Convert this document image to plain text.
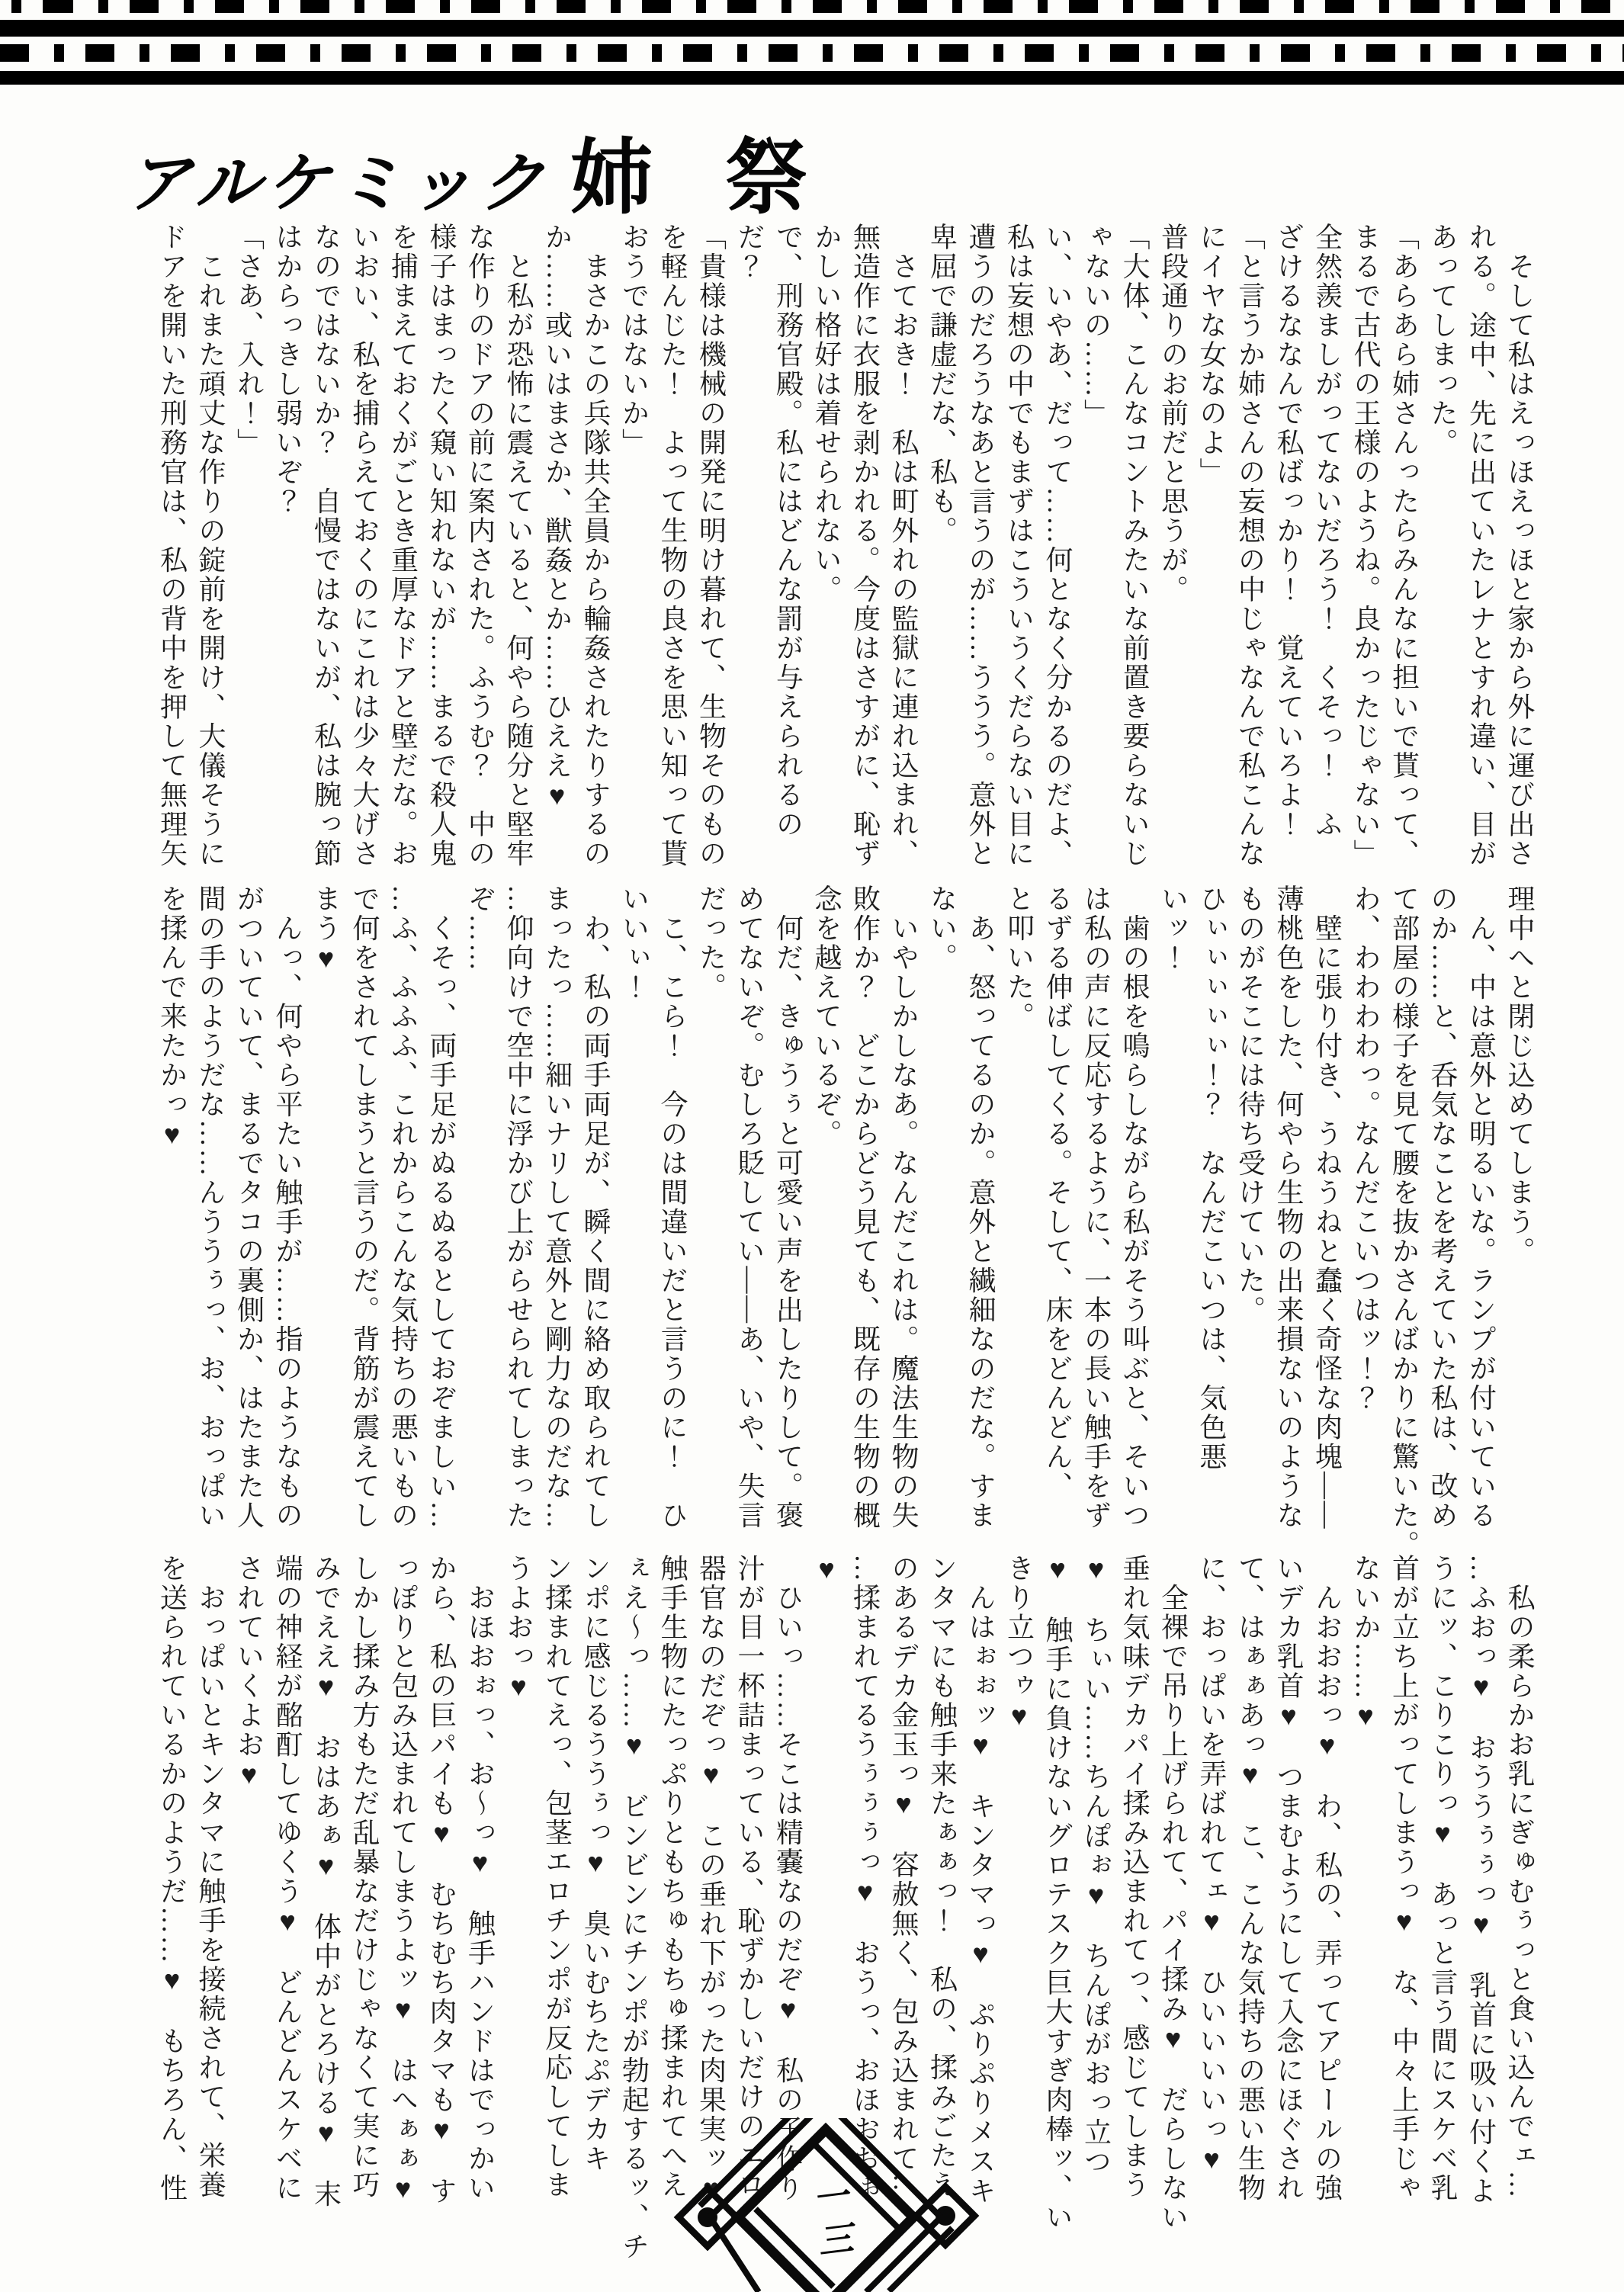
アルケミック 姉 祭
　そして私はえっほえっほと家から外に運び出さ
れる。途中、先に出ていたレナとすれ違い、目が
あってしまった。
「あらあら姉さんったらみんなに担いで貰って、
まるで古代の王様のようね。良かったじゃない」
全然羨ましがってないだろう！　くそっ！　ふ
ざけるななんで私ばっかり！　覚えていろよ！
「と言うか姉さんの妄想の中じゃなんで私こんな
にイヤな女なのよ」
普段通りのお前だと思うが。
「大体、こんなコントみたいな前置き要らないじ
ゃないの……」
い、いやあ、だって……何となく分かるのだよ、
私は妄想の中でもまずはこういうくだらない目に
遭うのだろうなあと言うのが……ううう。意外と
卑屈で謙虚だな、私も。
　さておき！　私は町外れの監獄に連れ込まれ、
無造作に衣服を剥かれる。今度はさすがに、恥ず
かしい格好は着せられない。
で、刑務官殿。私にはどんな罰が与えられるの
だ？
「貴様は機械の開発に明け暮れて、生物そのもの
を軽んじた！　よって生物の良さを思い知って貰
おうではないか」
　まさかこの兵隊共全員から輪姦されたりするの
か……或いはまさか、獣姦とか……ひええ♥
　と私が恐怖に震えていると、何やら随分と堅牢
な作りのドアの前に案内された。ふうむ？　中の
様子はまったく窺い知れないが……まるで殺人鬼
を捕まえておくがごとき重厚なドアと壁だな。お
いおい、私を捕らえておくのにこれは少々大げさ
なのではないか？　自慢ではないが、私は腕っ節
はからっきし弱いぞ？
「さあ、入れ！」
　これまた頑丈な作りの錠前を開け、大儀そうに
ドアを開いた刑務官は、私の背中を押して無理矢
理中へと閉じ込めてしまう。
　ん、中は意外と明るいな。ランプが付いている
のか……と、呑気なことを考えていた私は、改め
て部屋の様子を見て腰を抜かさんばかりに驚いた。
わ、わわわわっ。なんだこいつはッ！？
　壁に張り付き、うねうねと蠢く奇怪な肉塊――
薄桃色をした、何やら生物の出来損ないのような
ものがそこには待ち受けていた。
ひぃぃぃぃぃ！？　なんだこいつは、気色悪
いッ！
　歯の根を鳴らしながら私がそう叫ぶと、そいつ
は私の声に反応するように、一本の長い触手をず
るずる伸ばしてくる。そして、床をどんどん、
と叩いた。
　あ、怒ってるのか。意外と繊細なのだな。すま
ない。
　いやしかしなあ。なんだこれは。魔法生物の失
敗作か？　どこからどう見ても、既存の生物の概
念を越えているぞ。
　何だ、きゅうぅと可愛い声を出したりして。褒
めてないぞ。むしろ貶してい――あ、いや、失言
だった。
　こ、こら！　今のは間違いだと言うのに！　ひ
いいぃ！
　わ、私の両手両足が、瞬く間に絡め取られてし
まったっ……細いナリして意外と剛力なのだな…
…仰向けで空中に浮かび上がらせられてしまった
ぞ……
　くそっ、両手足がぬるぬるとしておぞましい…
…ふ、ふふふ、これからこんな気持ちの悪いもの
で何をされてしまうと言うのだ。背筋が震えてし
まう♥
　んっ、何やら平たい触手が……指のようなもの
がついていて、まるでタコの裏側か、はたまた人
間の手のようだな……んううぅっ、お、おっぱい
を揉んで来たかっ♥
　私の柔らかお乳にぎゅむぅっと食い込んでェ…
…ふおっ♥　おううぅぅっ♥　乳首に吸い付くよ
うにッ、こりこりっ♥　あっと言う間にスケベ乳
首が立ち上がってしまうっ♥　な、中々上手じゃ
ないか……♥
　んおおおっ♥　わ、私の、弄ってアピールの強
いデカ乳首♥　つまむようにして入念にほぐされ
て、はぁぁあっ♥　こ、こんな気持ちの悪い生物
に、おっぱいを弄ばれてェ♥　ひいいいいっ♥
　全裸で吊り上げられて、パイ揉み♥　だらしない
垂れ気味デカパイ揉み込まれてっ、感じてしまう
♥　ちぃい……ちんぽぉ♥　ちんぽがおっ立つ
♥　触手に負けないグロテスク巨大すぎ肉棒ッ、い
きり立つゥ♥
　んはぉぉッ♥　キンタマっ♥　ぷりぷりメスキ
ンタマにも触手来たぁぁっ！　私の、揉みごたえ
のあるデカ金玉っ♥　容赦無く、包み込まれて…
…揉まれてるうぅぅぅっ♥　おうっ、おほおおぉ
♥
　ひいっ……そこは精嚢なのだぞ♥　私の子作り
汁が目一杯詰まっている、恥ずかしいだけのエロ
器官なのだぞっ♥　この垂れ下がった肉果実ッ♥
触手生物にたっぷりともちゅもちゅ揉まれてへえ
ぇえ〜っ……♥　ビンビンにチンポが勃起するッ、チ
ンポに感じるううぅっ♥　臭いむちたぷデカキ
ン揉まれてえっ、包茎エロチンポが反応してしま
うよおっ♥
　おほおぉっ、お〜っ♥　触手ハンドはでっかい
から、私の巨パイも♥　むちむち肉タマも♥　す
っぽりと包み込まれてしまうよッ♥　はへぁぁ♥
しかし揉み方もただ乱暴なだけじゃなくて実に巧
みでええ♥　おはあぁ♥　体中がとろける♥　末
端の神経が酩酊してゆくう♥　どんどんスケベに
されていくよお♥
　おっぱいとキンタマに触手を接続されて、栄養
を送られているかのようだ……♥　もちろん、性
一三
